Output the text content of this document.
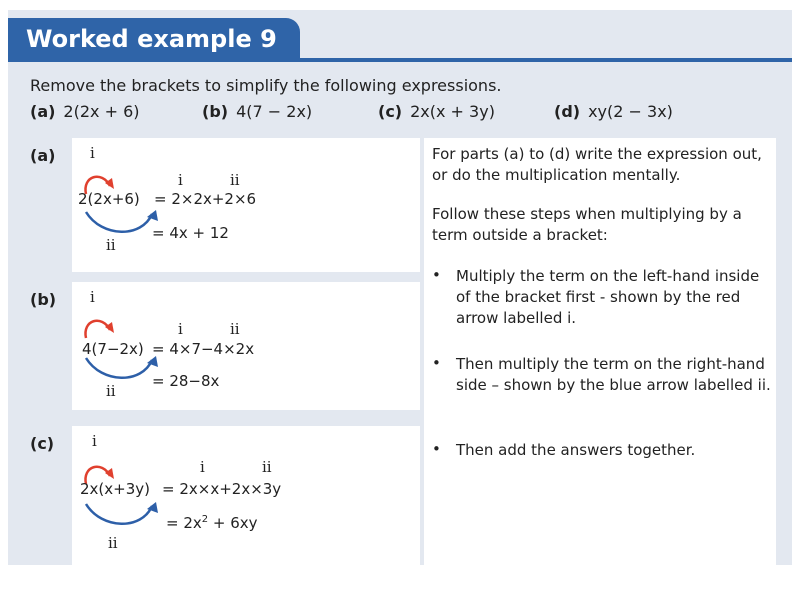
Worked example 9
Remove the brackets to simplify the following expressions.
(a) 2(2x + 6)	(b) 4(7 − 2x)	(c) 2x(x + 3y)	(d) xy(2 − 3x)
(a) i
i	ii
2(2x+6) = 2×2x+2×6
= 4x + 12
ii
(b) i
i	ii
4(7−2x) = 4×7−4×2x
= 28−8x
ii
(c)	i
i	ii
2x(x+3y) = 2x×x+2x×3y
= $2x^2 + 6xy$
ii

For parts (a) to (d) write the expression out, or do the multiplication mentally.

Follow these steps when multiplying by a term outside a bracket:

• Multiply the term on the left-hand inside of the bracket first - shown by the red arrow labelled i.
• Then multiply the term on the right-hand side – shown by the blue arrow labelled ii.
• Then add the answers together.
